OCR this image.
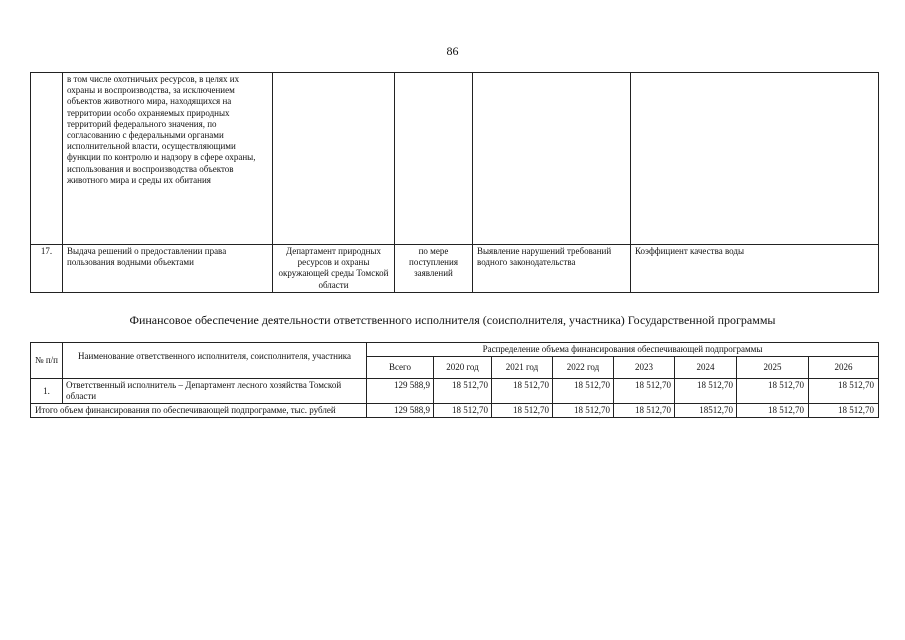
86
	в том числе охотничьих ресурсов, в целях их охраны и воспроизводства, за исключением объектов животного мира, находящихся на территории особо охраняемых природных территорий федерального значения, по согласованию с федеральными органами исполнительной власти, осуществляющими функции по контролю и надзору в сфере охраны, использования и воспроизводства объектов животного мира и среды их обитания				
17.	Выдача решений о предоставлении права пользования водными объектами	Департамент природных ресурсов и охраны окружающей среды Томской области	по мере поступления заявлений	Выявление нарушений требований водного законодательства	Коэффициент качества воды
Финансовое обеспечение деятельности ответственного исполнителя (соисполнителя, участника) Государственной программы
№ п/п	Наименование ответственного исполнителя, соисполнителя, участника	Распределение объема финансирования обеспечивающей подпрограммы							
		Всего	2020 год	2021 год	2022 год	2023	2024	2025	2026
1.	Ответственный исполнитель – Департамент лесного хозяйства Томской области	129 588,9	18 512,70	18 512,70	18 512,70	18 512,70	18 512,70	18 512,70	18 512,70
Итого объем финансирования по обеспечивающей подпрограмме, тыс. рублей		129 588,9	18 512,70	18 512,70	18 512,70	18 512,70	18512,70	18 512,70	18 512,70
